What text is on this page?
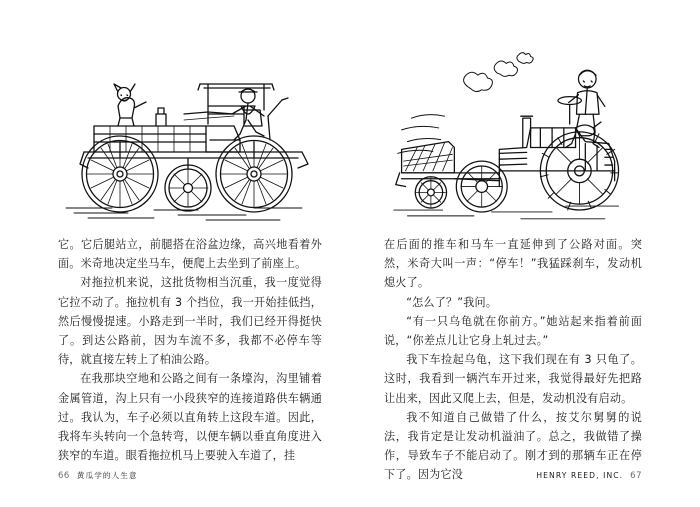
它。它后腿站立，前腿搭在浴盆边缘，高兴地看着外面。米奇地决定坐马车，便爬上去坐到了前座上。

对拖拉机来说，这批货物相当沉重，我一度觉得它拉不动了。拖拉机有 3 个挡位，我一开始挂低挡，然后慢慢提速。小路走到一半时，我们已经开得挺快了。到达公路前，因为车流不多，我都不必停车等待，就直接左转上了柏油公路。

在我那块空地和公路之间有一条壕沟，沟里铺着金属管道，沟上只有一小段狭窄的连接道路供车辆通过。我认为，车子必须以直角转上这段车道。因此，我将车头转向一个急转弯，以便车辆以垂直角度进入狭窄的车道。眼看拖拉机马上要驶入车道了，挂

66 黄瓜学的人生意

在后面的推车和马车一直延伸到了公路对面。突然，米奇大叫一声：“停车！”我猛踩刹车，发动机熄火了。

“怎么了？”我问。

“有一只乌龟就在你前方。”她站起来指着前面说，“你差点儿让它身上轧过去。”

我下车捡起乌龟，这下我们现在有 3 只龟了。这时，我看到一辆汽车开过来，我觉得最好先把路让出来，因此又爬上去，但是，发动机没有启动。

我不知道自己做错了什么，按艾尔舅舅的说法，我肯定是让发动机溢油了。总之，我做错了操作，导致车子不能启动了。刚才到的那辆车正在停下了。因为它没	HENRY REED, INC. 67
